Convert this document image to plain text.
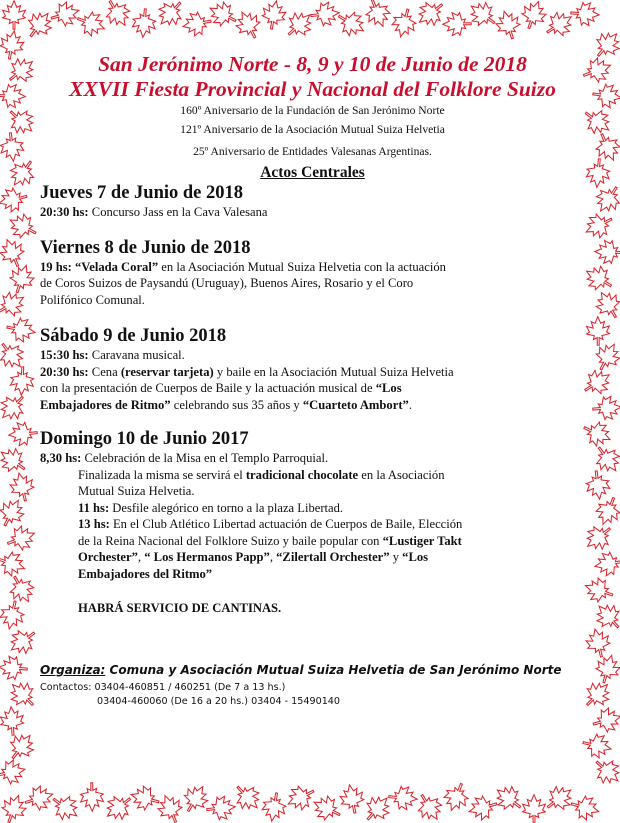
San Jerónimo Norte - 8, 9 y 10 de Junio de 2018
XXVII Fiesta Provincial y Nacional del Folklore Suizo
160º Aniversario de la Fundación de San Jerónimo Norte
121º Aniversario de la Asociación Mutual Suiza Helvetia
25º Aniversario de Entidades Valesanas Argentinas.
Actos Centrales
Jueves 7 de Junio de 2018
20:30 hs: Concurso Jass en la Cava Valesana
Viernes 8 de Junio de 2018
19 hs: “Velada Coral” en la Asociación Mutual Suiza Helvetia con la actuación
de Coros Suizos de Paysandú (Uruguay), Buenos Aires, Rosario y el Coro
Polifónico Comunal.
Sábado 9 de Junio 2018
15:30 hs: Caravana musical.
20:30 hs: Cena (reservar tarjeta) y baile en la Asociación Mutual Suiza Helvetia
con la presentación de Cuerpos de Baile y la actuación musical de “Los
Embajadores de Ritmo” celebrando sus 35 años y “Cuarteto Ambort”.
Domingo 10 de Junio 2017
8,30 hs: Celebración de la Misa en el Templo Parroquial.
Finalizada la misma se servirá el tradicional chocolate en la Asociación
Mutual Suiza Helvetia.
11 hs: Desfile alegórico en torno a la plaza Libertad.
13 hs: En el Club Atlético Libertad actuación de Cuerpos de Baile, Elección
de la Reina Nacional del Folklore Suizo y baile popular con “Lustiger Takt
Orchester”, “ Los Hermanos Papp”, “Zilertall Orchester” y “Los
Embajadores del Ritmo”
HABRÁ SERVICIO DE CANTINAS.
Organiza: Comuna y Asociación Mutual Suiza Helvetia de San Jerónimo Norte
Contactos: 03404-460851 / 460251 (De 7 a 13 hs.)
03404-460060 (De 16 a 20 hs.) 03404 - 15490140
